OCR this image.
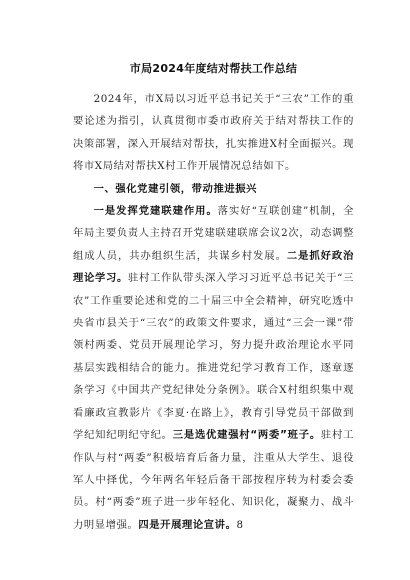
市局2024年度结对帮扶工作总结

2024年，市X局以习近平总书记关于“三农”工作的重要论述为指引，认真贯彻市委市政府关于结对帮扶工作的决策部署，深入开展结对帮扶，扎实推进X村全面振兴。现将市X局结对帮扶X村工作开展情况总结如下。

一、强化党建引领，带动推进振兴

一是发挥党建联建作用。落实好“互联创建”机制，全年局主要负责人主持召开党建联建联席会议2次，动态调整组成人员，共办组织生活，共谋乡村发展。二是抓好政治理论学习。驻村工作队带头深入学习习近平总书记关于“三农”工作重要论述和党的二十届三中全会精神，研究吃透中央省市县关于“三农”的政策文件要求，通过“三会一课”带领村两委、党员开展理论学习，努力提升政治理论水平同基层实践相结合的能力。推进党纪学习教育工作，逐章逐条学习《中国共产党纪律处分条例》。联合X村组织集中观看廉政宣教影片《李夏·在路上》，教育引导党员干部做到学纪知纪明纪守纪。三是选优建强村“两委”班子。驻村工作队与村“两委”积极培育后备力量，注重从大学生、退役军人中择优，今年两名年轻后备干部按程序转为村委会委员。村“两委”班子进一步年轻化、知识化，凝聚力、战斗力明显增强。四是开展理论宣讲。8
